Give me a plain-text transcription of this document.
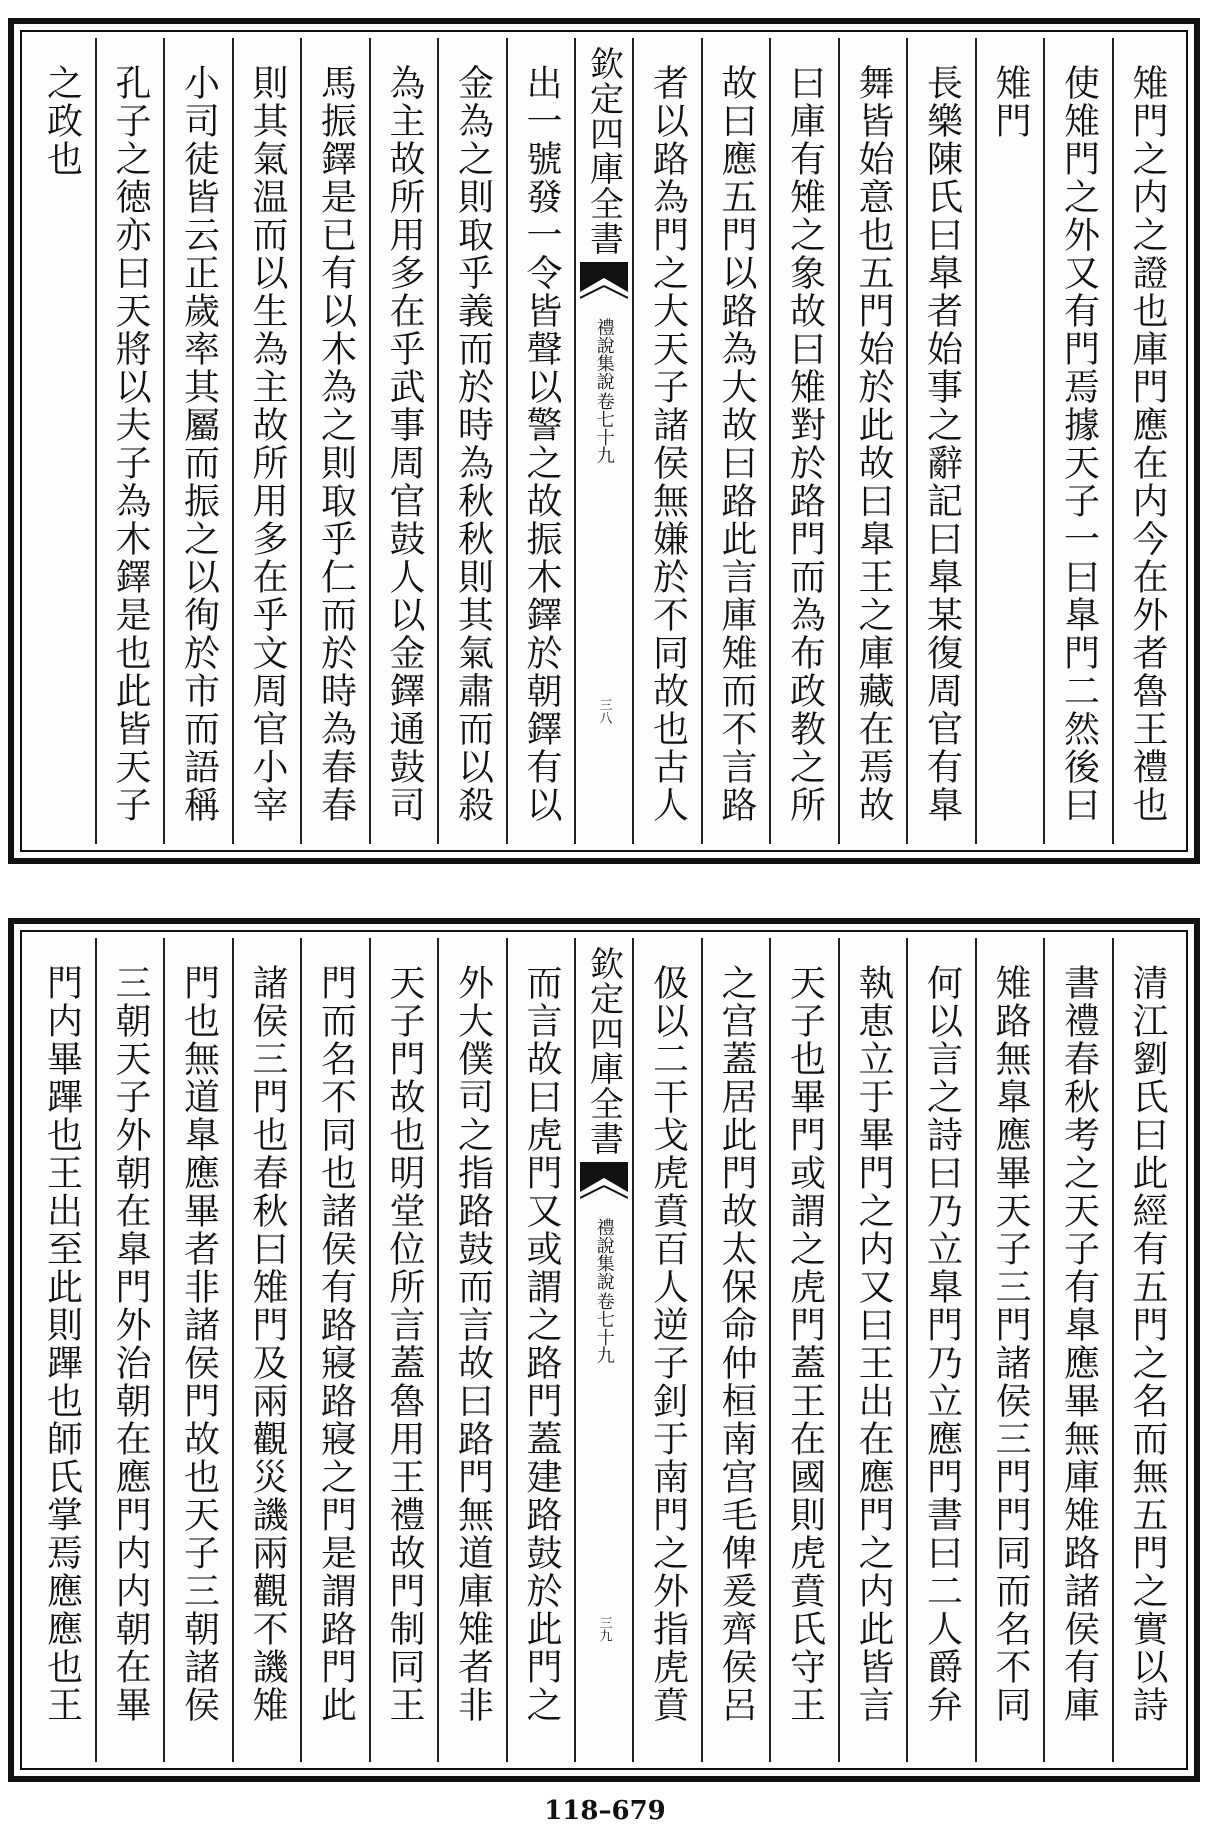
雉門之内之證也庫門應在内今在外者魯王禮也
使雉門之外又有門焉據天子一曰臯門二然後曰
雉門
長樂陳氏曰臯者始事之辭記曰臯某復周官有臯
舞皆始意也五門始於此故曰臯王之庫藏在焉故
曰庫有雉之象故曰雉對於路門而為布政教之所
故曰應五門以路為大故曰路此言庫雉而不言路
者以路為門之大天子諸侯無嫌於不同故也古人
欽定四庫全書
禮說集說
卷七十九
三八
出一號發一令皆聲以警之故振木鐸於朝鐸有以
金為之則取乎義而於時為秋秋則其氣肅而以殺
為主故所用多在乎武事周官鼓人以金鐸通鼓司
馬振鐸是已有以木為之則取乎仁而於時為春春
則其氣温而以生為主故所用多在乎文周官小宰
小司徒皆云正歲率其屬而振之以徇於市而語稱
孔子之徳亦曰天將以夫子為木鐸是也此皆天子
之政也
清江劉氏曰此經有五門之名而無五門之實以詩
書禮春秋考之天子有臯應畢無庫雉路諸侯有庫
雉路無臯應畢天子三門諸侯三門門同而名不同
何以言之詩曰乃立臯門乃立應門書曰二人爵弁
執恵立于畢門之内又曰王出在應門之内此皆言
天子也畢門或謂之虎門蓋王在國則虎賁氏守王
之宫蓋居此門故太保命仲桓南宫毛俾爰齊侯呂
伋以二干戈虎賁百人逆子釗于南門之外指虎賁
欽定四庫全書
禮說集說
卷七十九
三九
而言故曰虎門又或謂之路門蓋建路鼓於此門之
外大僕司之指路鼓而言故曰路門無道庫雉者非
天子門故也明堂位所言蓋魯用王禮故門制同王
門而名不同也諸侯有路寢路寢之門是謂路門此
諸侯三門也春秋曰雉門及兩觀災譏兩觀不譏雉
門也無道臯應畢者非諸侯門故也天子三朝諸侯
三朝天子外朝在臯門外治朝在應門内内朝在畢
門内畢蹕也王出至此則蹕也師氏掌焉應應也王
118–679
